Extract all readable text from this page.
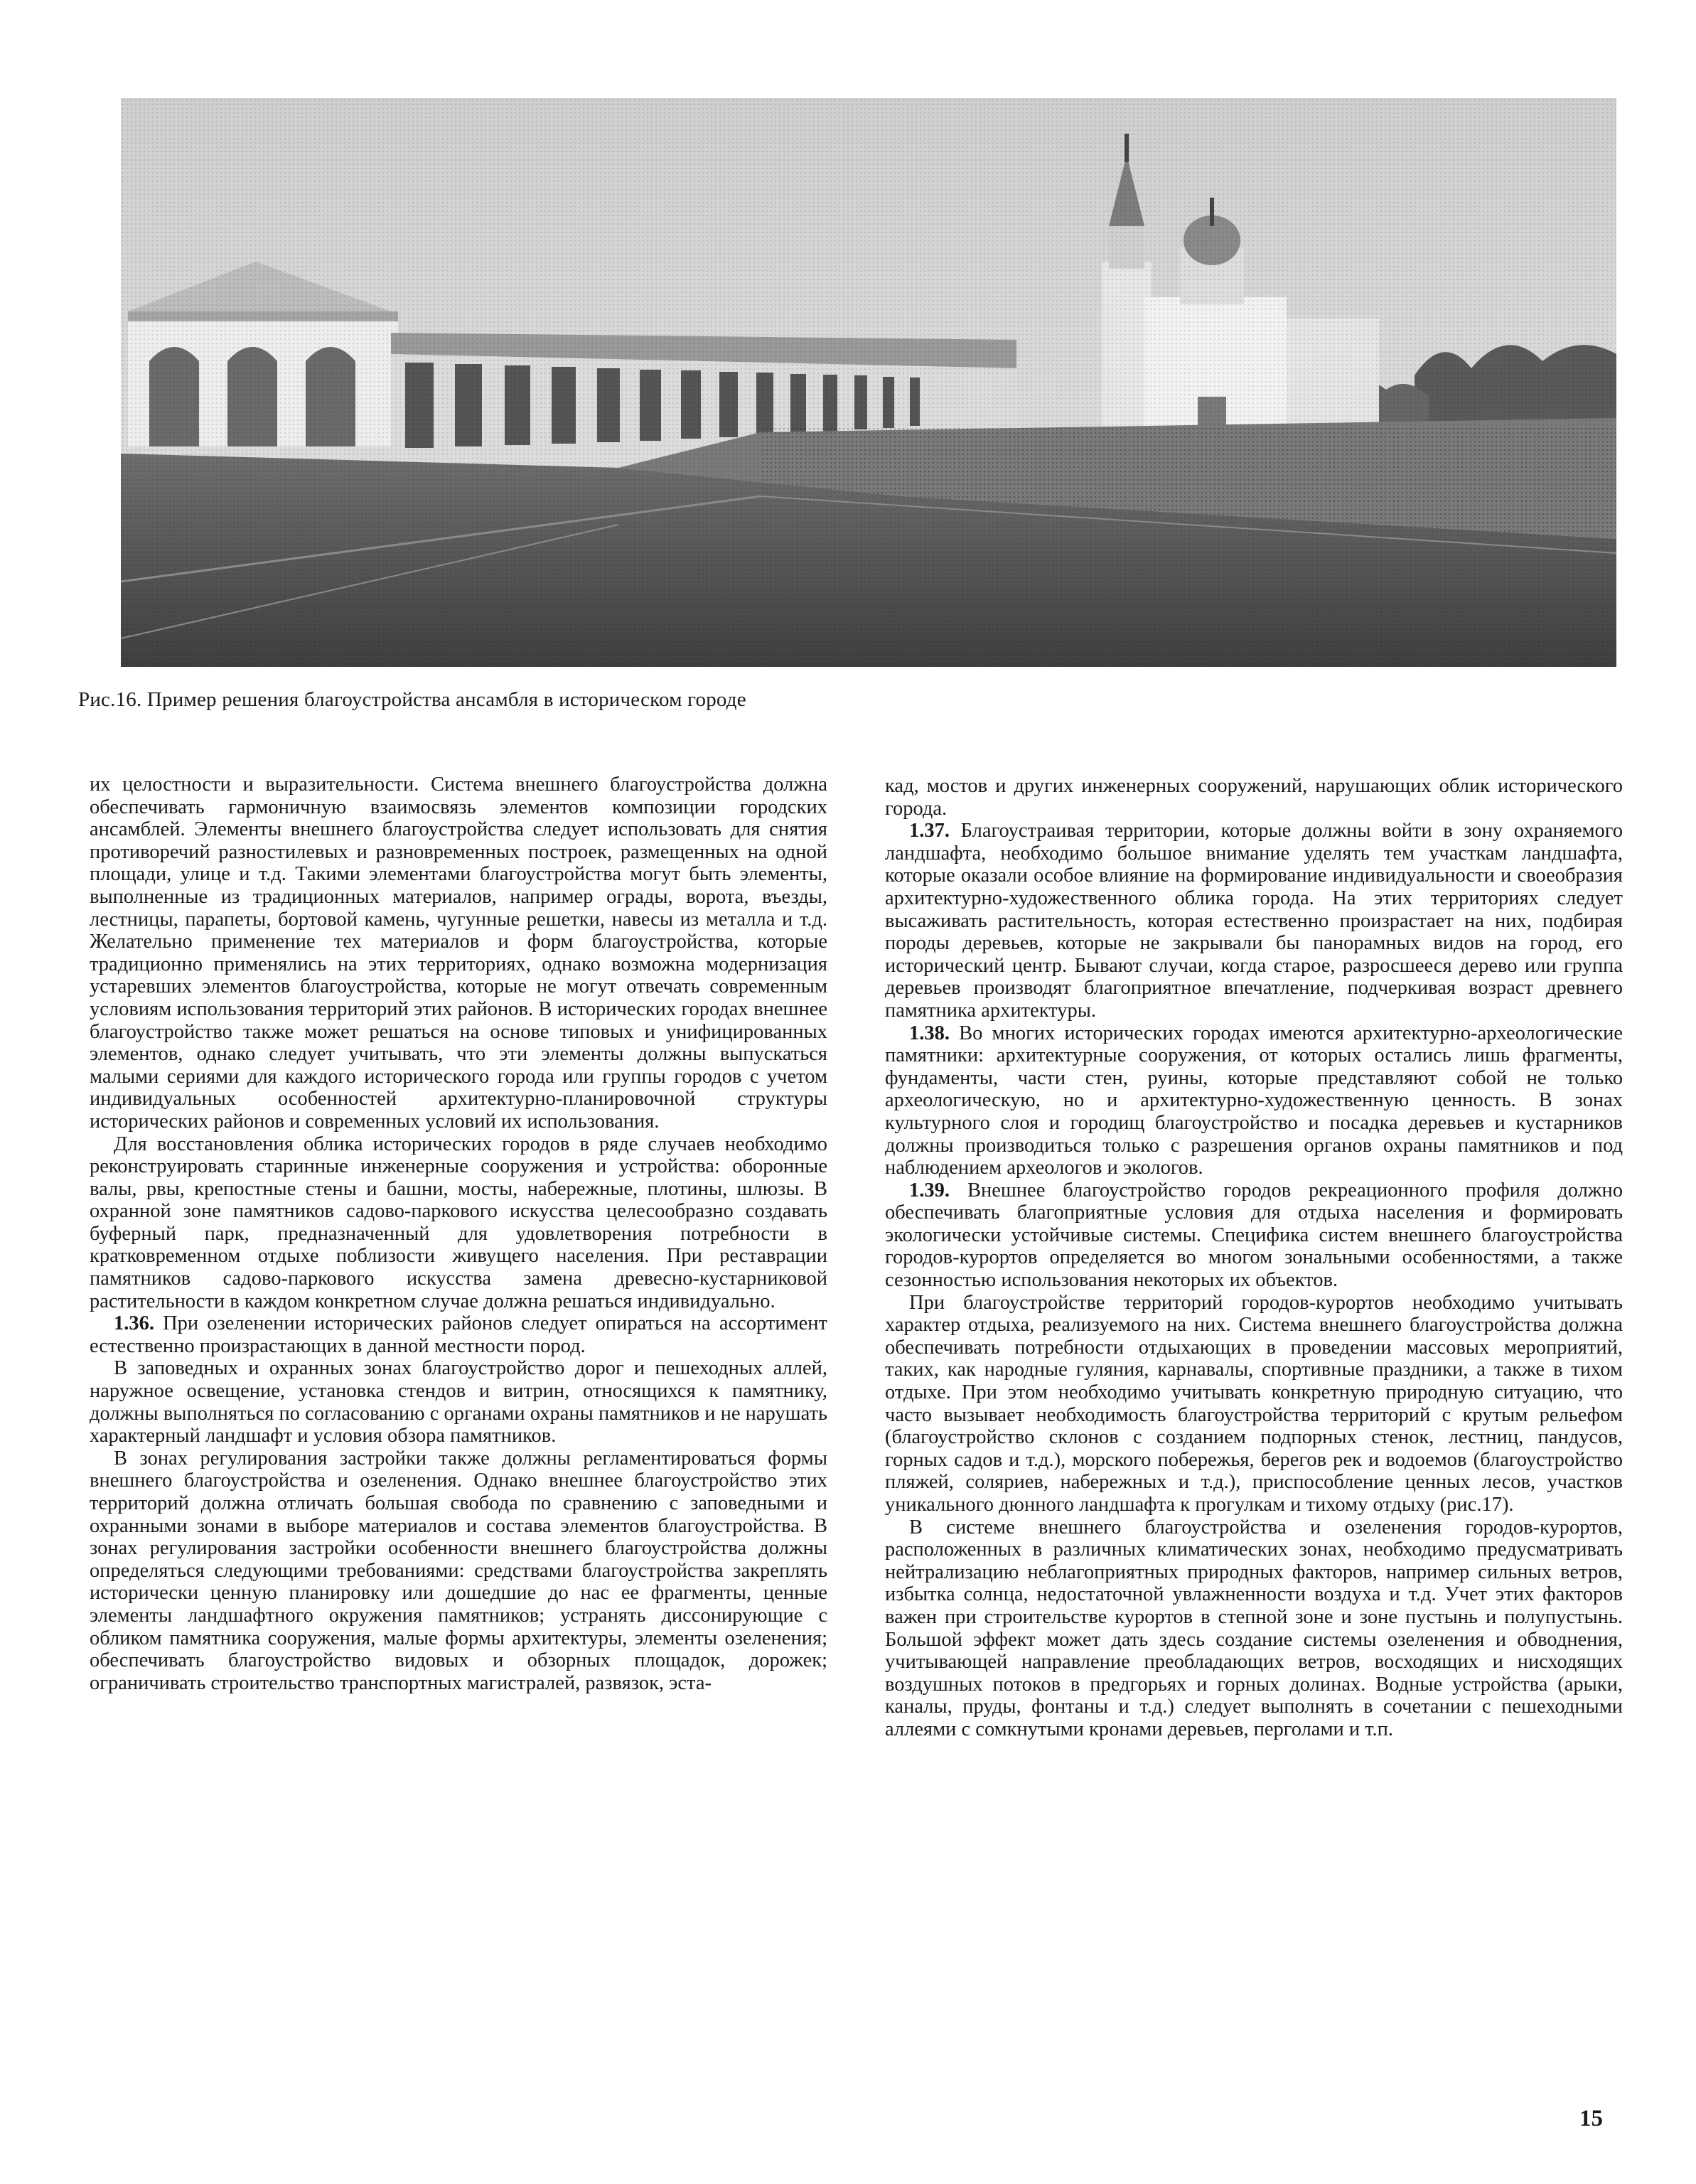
Рис.16. Пример решения благоустройства ансамбля в историческом городе

их целостности и выразительности. Система внешнего благоустройства должна обеспечивать гармоничную взаимосвязь элементов композиции городских ансамблей. Элементы внешнего благоустройства следует использовать для снятия противоречий разностилевых и разновременных построек, размещенных на одной площади, улице и т.д. Такими элементами благоустройства могут быть элементы, выполненные из традиционных материалов, например ограды, ворота, въезды, лестницы, парапеты, бортовой камень, чугунные решетки, навесы из металла и т.д. Желательно применение тех материалов и форм благоустройства, которые традиционно применялись на этих территориях, однако возможна модернизация устаревших элементов благоустройства, которые не могут отвечать современным условиям использования территорий этих районов. В исторических городах внешнее благоустройство также может решаться на основе типовых и унифицированных элементов, однако следует учитывать, что эти элементы должны выпускаться малыми сериями для каждого исторического города или группы городов с учетом индивидуальных особенностей архитектурно-планировочной структуры исторических районов и современных условий их использования.

Для восстановления облика исторических городов в ряде случаев необходимо реконструировать старинные инженерные сооружения и устройства: оборонные валы, рвы, крепостные стены и башни, мосты, набережные, плотины, шлюзы. В охранной зоне памятников садово-паркового искусства целесообразно создавать буферный парк, предназначенный для удовлетворения потребности в кратковременном отдыхе поблизости живущего населения. При реставрации памятников садово-паркового искусства замена древесно-кустарниковой растительности в каждом конкретном случае должна решаться индивидуально.

1.36. При озеленении исторических районов следует опираться на ассортимент естественно произрастающих в данной местности пород.

В заповедных и охранных зонах благоустройство дорог и пешеходных аллей, наружное освещение, установка стендов и витрин, относящихся к памятнику, должны выполняться по согласованию с органами охраны памятников и не нарушать характерный ландшафт и условия обзора памятников.

В зонах регулирования застройки также должны регламентироваться формы внешнего благоустройства и озеленения. Однако внешнее благоустройство этих территорий должна отличать большая свобода по сравнению с заповедными и охранными зонами в выборе материалов и состава элементов благоустройства. В зонах регулирования застройки особенности внешнего благоустройства должны определяться следующими требованиями: средствами благоустройства закреплять исторически ценную планировку или дошедшие до нас ее фрагменты, ценные элементы ландшафтного окружения памятников; устранять диссонирующие с обликом памятника сооружения, малые формы архитектуры, элементы озеленения; обеспечивать благоустройство видовых и обзорных площадок, дорожек; ограничивать строительство транспортных магистралей, развязок, эста-

кад, мостов и других инженерных сооружений, нарушающих облик исторического города.

1.37. Благоустраивая территории, которые должны войти в зону охраняемого ландшафта, необходимо большое внимание уделять тем участкам ландшафта, которые оказали особое влияние на формирование индивидуальности и своеобразия архитектурно-художественного облика города. На этих территориях следует высаживать растительность, которая естественно произрастает на них, подбирая породы деревьев, которые не закрывали бы панорамных видов на город, его исторический центр. Бывают случаи, когда старое, разросшееся дерево или группа деревьев производят благоприятное впечатление, подчеркивая возраст древнего памятника архитектуры.

1.38. Во многих исторических городах имеются архитектурно-археологические памятники: архитектурные сооружения, от которых остались лишь фрагменты, фундаменты, части стен, руины, которые представляют собой не только археологическую, но и архитектурно-художественную ценность. В зонах культурного слоя и городищ благоустройство и посадка деревьев и кустарников должны производиться только с разрешения органов охраны памятников и под наблюдением археологов и экологов.

1.39. Внешнее благоустройство городов рекреационного профиля должно обеспечивать благоприятные условия для отдыха населения и формировать экологически устойчивые системы. Специфика систем внешнего благоустройства городов-курортов определяется во многом зональными особенностями, а также сезонностью использования некоторых их объектов.

При благоустройстве территорий городов-курортов необходимо учитывать характер отдыха, реализуемого на них. Система внешнего благоустройства должна обеспечивать потребности отдыхающих в проведении массовых мероприятий, таких, как народные гуляния, карнавалы, спортивные праздники, а также в тихом отдыхе. При этом необходимо учитывать конкретную природную ситуацию, что часто вызывает необходимость благоустройства территорий с крутым рельефом (благоустройство склонов с созданием подпорных стенок, лестниц, пандусов, горных садов и т.д.), морского побережья, берегов рек и водоемов (благоустройство пляжей, соляриев, набережных и т.д.), приспособление ценных лесов, участков уникального дюнного ландшафта к прогулкам и тихому отдыху (рис.17).

В системе внешнего благоустройства и озеленения городов-курортов, расположенных в различных климатических зонах, необходимо предусматривать нейтрализацию неблагоприятных природных факторов, например сильных ветров, избытка солнца, недостаточной увлажненности воздуха и т.д. Учет этих факторов важен при строительстве курортов в степной зоне и зоне пустынь и полупустынь. Большой эффект может дать здесь создание системы озеленения и обводнения, учитывающей направление преобладающих ветров, восходящих и нисходящих воздушных потоков в предгорьях и горных долинах. Водные устройства (арыки, каналы, пруды, фонтаны и т.д.) следует выполнять в сочетании с пешеходными аллеями с сомкнутыми кронами деревьев, перголами и т.п.

15
